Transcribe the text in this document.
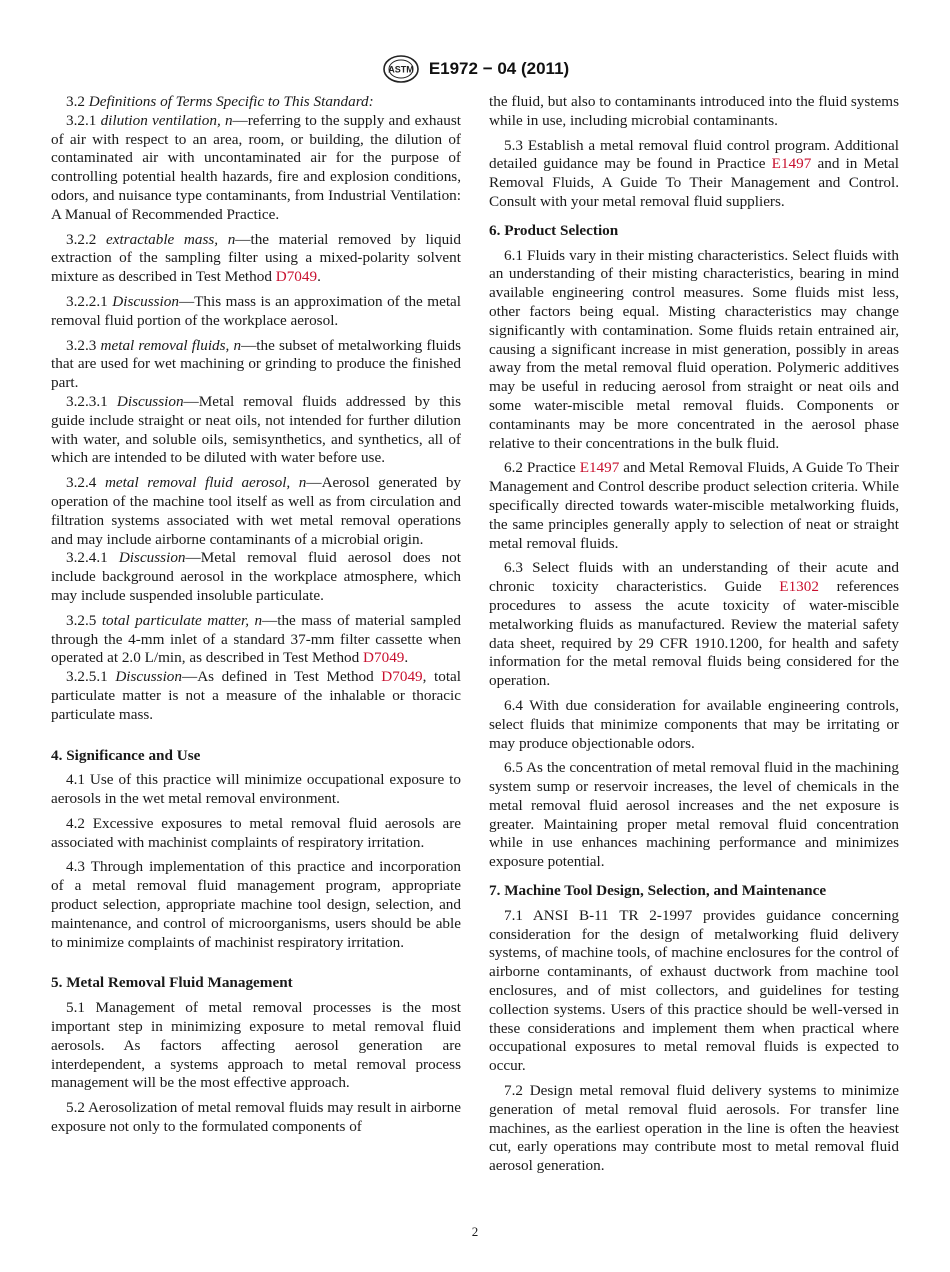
ASTM E1972 − 04 (2011)

3.2 Definitions of Terms Specific to This Standard:

3.2.1 dilution ventilation, n—referring to the supply and exhaust of air with respect to an area, room, or building, the dilution of contaminated air with uncontaminated air for the purpose of controlling potential health hazards, fire and explosion conditions, odors, and nuisance type contaminants, from Industrial Ventilation: A Manual of Recommended Practice.

3.2.2 extractable mass, n—the material removed by liquid extraction of the sampling filter using a mixed-polarity solvent mixture as described in Test Method D7049.

3.2.2.1 Discussion—This mass is an approximation of the metal removal fluid portion of the workplace aerosol.

3.2.3 metal removal fluids, n—the subset of metalworking fluids that are used for wet machining or grinding to produce the finished part.

3.2.3.1 Discussion—Metal removal fluids addressed by this guide include straight or neat oils, not intended for further dilution with water, and soluble oils, semisynthetics, and synthetics, all of which are intended to be diluted with water before use.

3.2.4 metal removal fluid aerosol, n—Aerosol generated by operation of the machine tool itself as well as from circulation and filtration systems associated with wet metal removal operations and may include airborne contaminants of a microbial origin.

3.2.4.1 Discussion—Metal removal fluid aerosol does not include background aerosol in the workplace atmosphere, which may include suspended insoluble particulate.

3.2.5 total particulate matter, n—the mass of material sampled through the 4-mm inlet of a standard 37-mm filter cassette when operated at 2.0 L/min, as described in Test Method D7049.

3.2.5.1 Discussion—As defined in Test Method D7049, total particulate matter is not a measure of the inhalable or thoracic particulate mass.

4. Significance and Use

4.1 Use of this practice will minimize occupational exposure to aerosols in the wet metal removal environment.

4.2 Excessive exposures to metal removal fluid aerosols are associated with machinist complaints of respiratory irritation.

4.3 Through implementation of this practice and incorporation of a metal removal fluid management program, appropriate product selection, appropriate machine tool design, selection, and maintenance, and control of microorganisms, users should be able to minimize complaints of machinist respiratory irritation.

5. Metal Removal Fluid Management

5.1 Management of metal removal processes is the most important step in minimizing exposure to metal removal fluid aerosols. As factors affecting aerosol generation are interdependent, a systems approach to metal removal process management will be the most effective approach.

5.2 Aerosolization of metal removal fluids may result in airborne exposure not only to the formulated components of

the fluid, but also to contaminants introduced into the fluid systems while in use, including microbial contaminants.

5.3 Establish a metal removal fluid control program. Additional detailed guidance may be found in Practice E1497 and in Metal Removal Fluids, A Guide To Their Management and Control. Consult with your metal removal fluid suppliers.

6. Product Selection

6.1 Fluids vary in their misting characteristics. Select fluids with an understanding of their misting characteristics, bearing in mind available engineering control measures. Some fluids mist less, other factors being equal. Misting characteristics may change significantly with contamination. Some fluids retain entrained air, causing a significant increase in mist generation, possibly in areas away from the metal removal fluid operation. Polymeric additives may be useful in reducing aerosol from straight or neat oils and some water-miscible metal removal fluids. Components or contaminants may be more concentrated in the aerosol phase relative to their concentrations in the bulk fluid.

6.2 Practice E1497 and Metal Removal Fluids, A Guide To Their Management and Control describe product selection criteria. While specifically directed towards water-miscible metalworking fluids, the same principles generally apply to selection of neat or straight metal removal fluids.

6.3 Select fluids with an understanding of their acute and chronic toxicity characteristics. Guide E1302 references procedures to assess the acute toxicity of water-miscible metalworking fluids as manufactured. Review the material safety data sheet, required by 29 CFR 1910.1200, for health and safety information for the metal removal fluids being considered for the operation.

6.4 With due consideration for available engineering controls, select fluids that minimize components that may be irritating or may produce objectionable odors.

6.5 As the concentration of metal removal fluid in the machining system sump or reservoir increases, the level of chemicals in the metal removal fluid aerosol increases and the net exposure is greater. Maintaining proper metal removal fluid concentration while in use enhances machining performance and minimizes exposure potential.

7. Machine Tool Design, Selection, and Maintenance

7.1 ANSI B-11 TR 2-1997 provides guidance concerning consideration for the design of metalworking fluid delivery systems, of machine tools, of machine enclosures for the control of airborne contaminants, of exhaust ductwork from machine tool enclosures, and of mist collectors, and guidelines for testing collection systems. Users of this practice should be well-versed in these considerations and implement them when practical where occupational exposures to metal removal fluids is expected to occur.

7.2 Design metal removal fluid delivery systems to minimize generation of metal removal fluid aerosols. For transfer line machines, as the earliest operation in the line is often the heaviest cut, early operations may contribute most to metal removal fluid aerosol generation.

2
